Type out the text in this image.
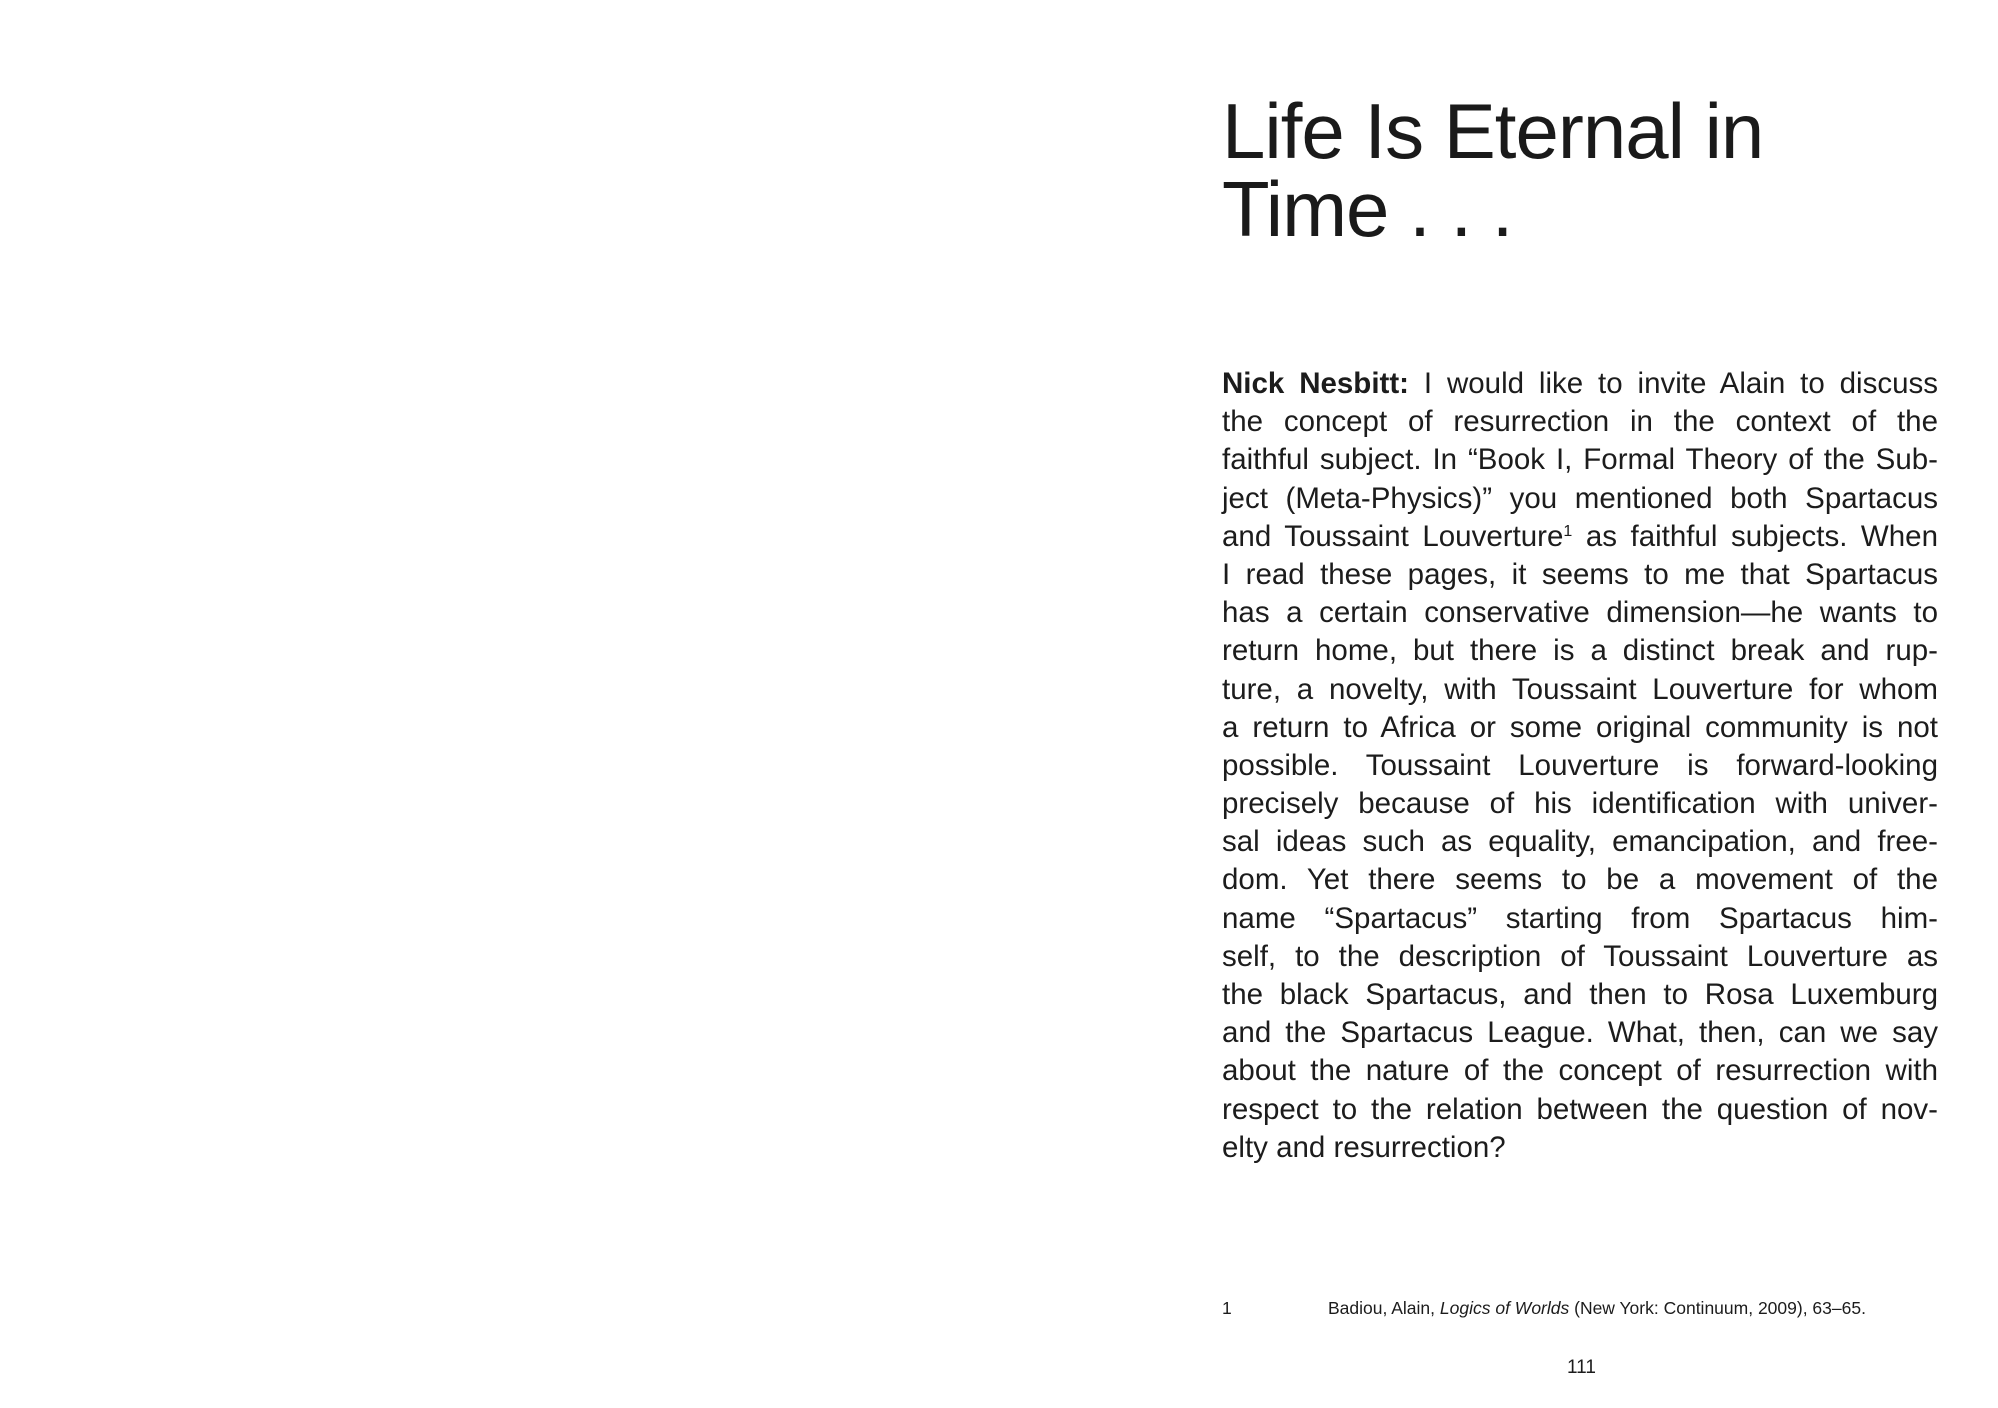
Life Is Eternal in
Time . . .
Nick Nesbitt: I would like to invite Alain to discuss
the concept of resurrection in the context of the
faithful subject. In “Book I, Formal Theory of the Sub-
ject (Meta-Physics)” you mentioned both Spartacus
and Toussaint Louverture$^1$ as faithful subjects. When
I read these pages, it seems to me that Spartacus
has a certain conservative dimension—he wants to
return home, but there is a distinct break and rup-
ture, a novelty, with Toussaint Louverture for whom
a return to Africa or some original community is not
possible. Toussaint Louverture is forward-looking
precisely because of his identification with univer-
sal ideas such as equality, emancipation, and free-
dom. Yet there seems to be a movement of the
name “Spartacus” starting from Spartacus him-
self, to the description of Toussaint Louverture as
the black Spartacus, and then to Rosa Luxemburg
and the Spartacus League. What, then, can we say
about the nature of the concept of resurrection with
respect to the relation between the question of nov-
elty and resurrection?
1	Badiou, Alain, Logics of Worlds (New York: Continuum, 2009), 63–65.
111
